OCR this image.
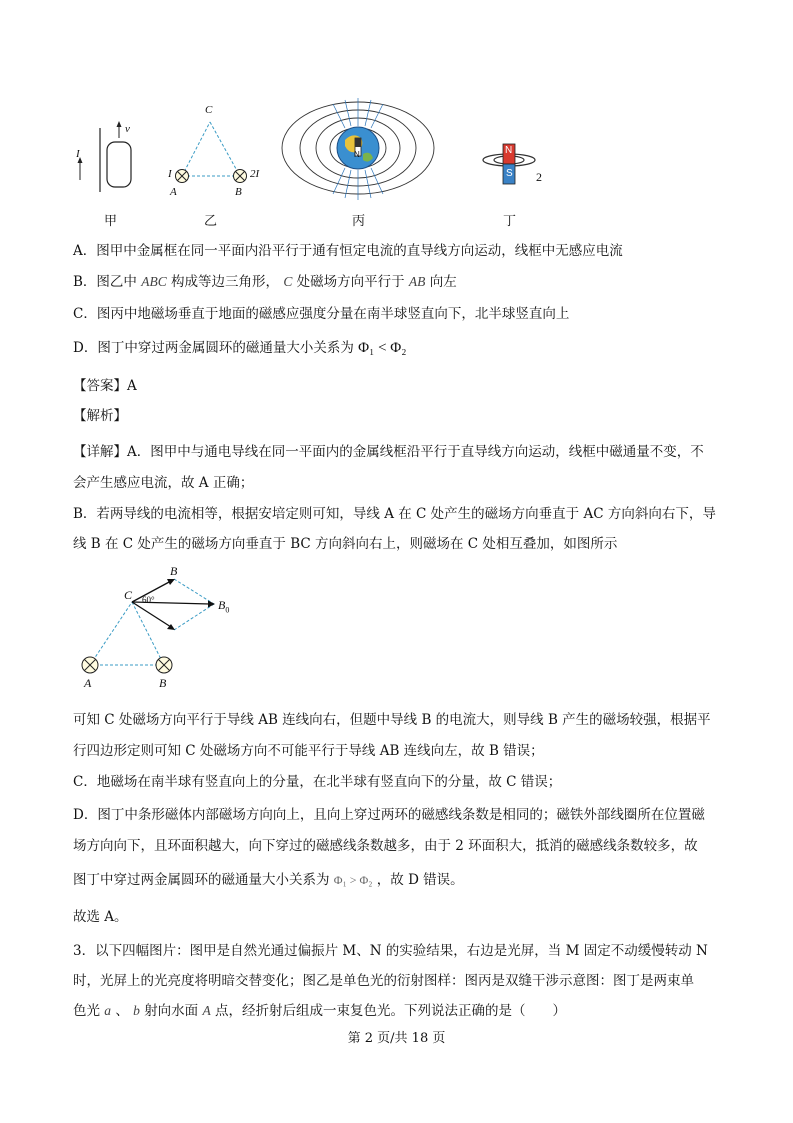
I
v
甲
C
I
A
2I
B
乙
N
丙
N
S 2
丁
A．图甲中金属框在同一平面内沿平行于通有恒定电流的直导线方向运动，线框中无感应电流
B．图乙中 ABC 构成等边三角形， C 处磁场方向平行于 AB 向左
C．图丙中地磁场垂直于地面的磁感应强度分量在南半球竖直向下，北半球竖直向上
D．图丁中穿过两金属圆环的磁通量大小关系为 Φ₁ < Φ₂
【答案】A
【解析】
【详解】A．图甲中与通电导线在同一平面内的金属线框沿平行于直导线方向运动，线框中磁通量不变，不
会产生感应电流，故 A 正确；
B．若两导线的电流相等，根据安培定则可知，导线 A 在 C 处产生的磁场方向垂直于 AC 方向斜向右下，导
线 B 在 C 处产生的磁场方向垂直于 BC 方向斜向右上，则磁场在 C 处相互叠加，如图所示
C
B
60°	$B_0$
A	B
可知 C 处磁场方向平行于导线 AB 连线向右，但题中导线 B 的电流大，则导线 B 产生的磁场较强，根据平
行四边形定则可知 C 处磁场方向不可能平行于导线 AB 连线向左，故 B 错误；
C．地磁场在南半球有竖直向上的分量，在北半球有竖直向下的分量，故 C 错误；
D．图丁中条形磁体内部磁场方向向上，且向上穿过两环的磁感线条数是相同的；磁铁外部线圈所在位置磁
场方向向下，且环面积越大，向下穿过的磁感线条数越多，由于 2 环面积大，抵消的磁感线条数较多，故
图丁中穿过两金属圆环的磁通量大小关系为 Φ₁ > Φ₂ ，故 D 错误。
故选 A。
3．以下四幅图片：图甲是自然光通过偏振片 M、N 的实验结果，右边是光屏，当 M 固定不动缓慢转动 N
时，光屏上的光亮度将明暗交替变化；图乙是单色光的衍射图样：图丙是双缝干涉示意图：图丁是两束单
色光 a 、 b 射向水面 A 点，经折射后组成一束复色光。下列说法正确的是（　　）
第 2 页/共 18 页
